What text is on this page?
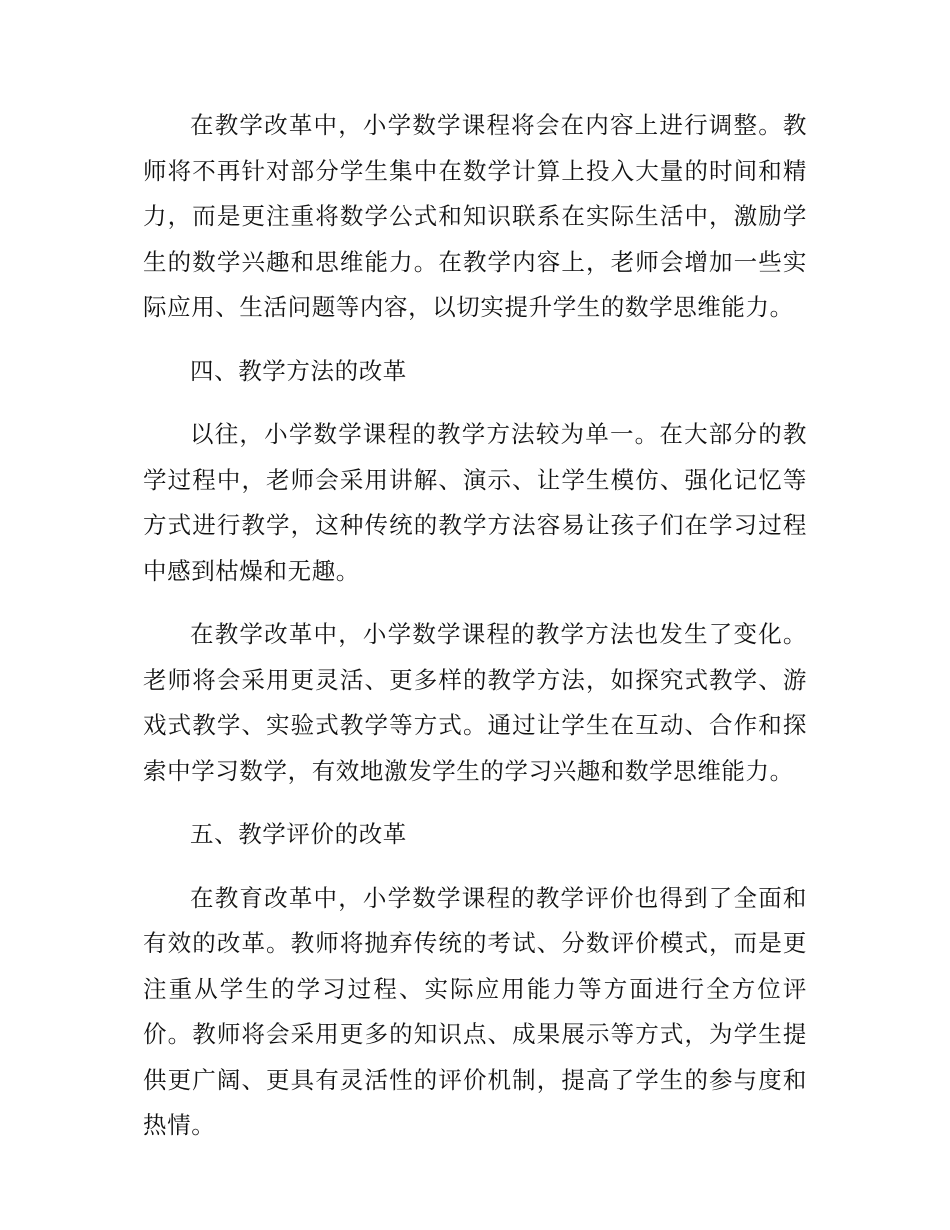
在教学改革中，小学数学课程将会在内容上进行调整。教师将不再针对部分学生集中在数学计算上投入大量的时间和精力，而是更注重将数学公式和知识联系在实际生活中，激励学生的数学兴趣和思维能力。在教学内容上，老师会增加一些实际应用、生活问题等内容，以切实提升学生的数学思维能力。

四、教学方法的改革

以往，小学数学课程的教学方法较为单一。在大部分的教学过程中，老师会采用讲解、演示、让学生模仿、强化记忆等方式进行教学，这种传统的教学方法容易让孩子们在学习过程中感到枯燥和无趣。

在教学改革中，小学数学课程的教学方法也发生了变化。老师将会采用更灵活、更多样的教学方法，如探究式教学、游戏式教学、实验式教学等方式。通过让学生在互动、合作和探索中学习数学，有效地激发学生的学习兴趣和数学思维能力。

五、教学评价的改革

在教育改革中，小学数学课程的教学评价也得到了全面和有效的改革。教师将抛弃传统的考试、分数评价模式，而是更注重从学生的学习过程、实际应用能力等方面进行全方位评价。教师将会采用更多的知识点、成果展示等方式，为学生提供更广阔、更具有灵活性的评价机制，提高了学生的参与度和热情。
